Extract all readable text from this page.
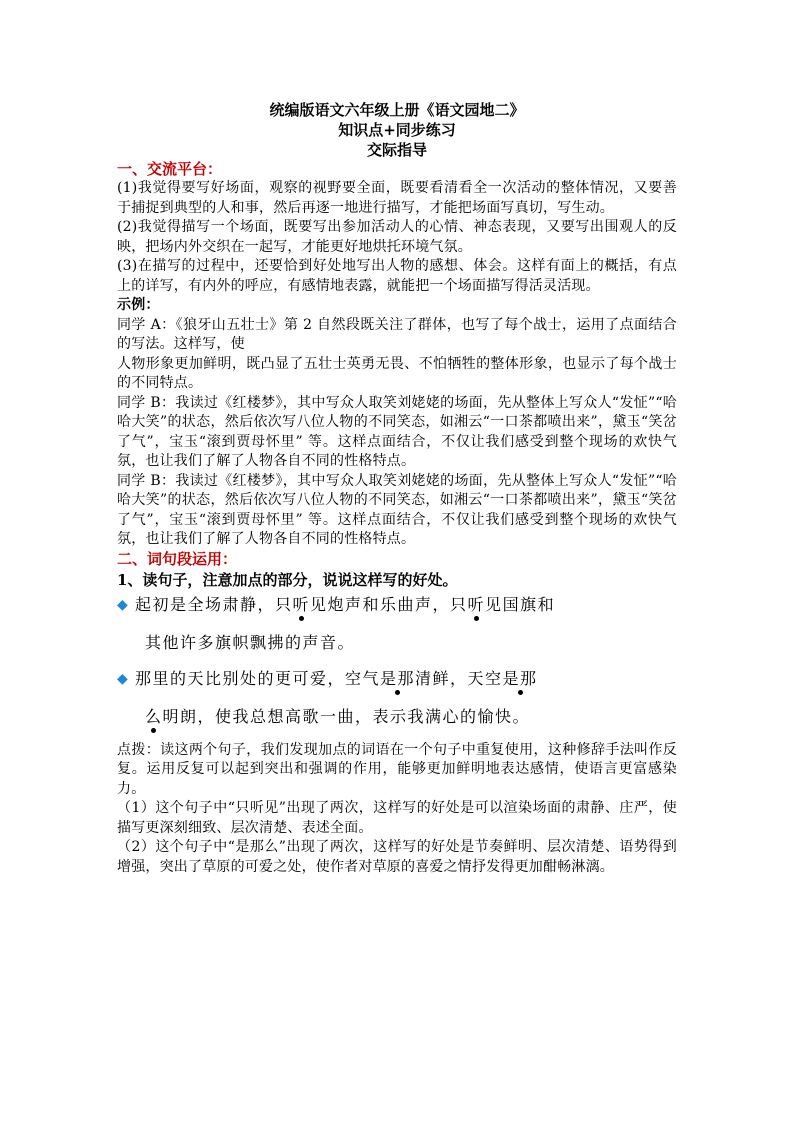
统编版语文六年级上册《语文园地二》

知识点+同步练习

交际指导

一、交流平台：

(1)我觉得要写好场面，观察的视野要全面，既要看清看全一次活动的整体情况，又要善于捕捉到典型的人和事，然后再逐一地进行描写，才能把场面写真切，写生动。

(2)我觉得描写一个场面，既要写出参加活动人的心情、神态表现，又要写出围观人的反映，把场内外交织在一起写，才能更好地烘托环境气氛。

(3)在描写的过程中，还要恰到好处地写出人物的感想、体会。这样有面上的概括，有点上的详写，有内外的呼应，有感情地表露，就能把一个场面描写得活灵活现。

示例：

同学 A：《狼牙山五壮士》第 2 自然段既关注了群体，也写了每个战士，运用了点面结合的写法。这样写，使

人物形象更加鲜明，既凸显了五壮士英勇无畏、不怕牺牲的整体形象，也显示了每个战士的不同特点。

同学 B：我读过《红楼梦》，其中写众人取笑刘姥姥的场面，先从整体上写众人“发怔”“哈哈大笑”的状态，然后依次写八位人物的不同笑态，如湘云“一口茶都喷出来”，黛玉“笑岔了气”，宝玉“滚到贾母怀里” 等。这样点面结合，不仅让我们感受到整个现场的欢快气氛，也让我们了解了人物各自不同的性格特点。

同学 B：我读过《红楼梦》，其中写众人取笑刘姥姥的场面，先从整体上写众人“发怔”“哈哈大笑”的状态，然后依次写八位人物的不同笑态，如湘云“一口茶都喷出来”，黛玉“笑岔了气”，宝玉“滚到贾母怀里” 等。这样点面结合，不仅让我们感受到整个现场的欢快气氛，也让我们了解了人物各自不同的性格特点。

二、词句段运用：

1、读句子，注意加点的部分，说说这样写的好处。

◆ 起初是全场肃静，只听见炮声和乐曲声，只听见国旗和
其他许多旗帜飘拂的声音。
◆ 那里的天比别处的更可爱，空气是那清鲜，天空是那
么明朗，使我总想高歌一曲，表示我满心的愉快。

点拨：读这两个句子，我们发现加点的词语在一个句子中重复使用，这种修辞手法叫作反复。运用反复可以起到突出和强调的作用，能够更加鲜明地表达感情，使语言更富感染力。

（1）这个句子中“只听见”出现了两次，这样写的好处是可以渲染场面的肃静、庄严，使描写更深刻细致、层次清楚、表述全面。

（2）这个句子中“是那么”出现了两次，这样写的好处是节奏鲜明、层次清楚、语势得到增强，突出了草原的可爱之处，使作者对草原的喜爱之情抒发得更加酣畅淋漓。
